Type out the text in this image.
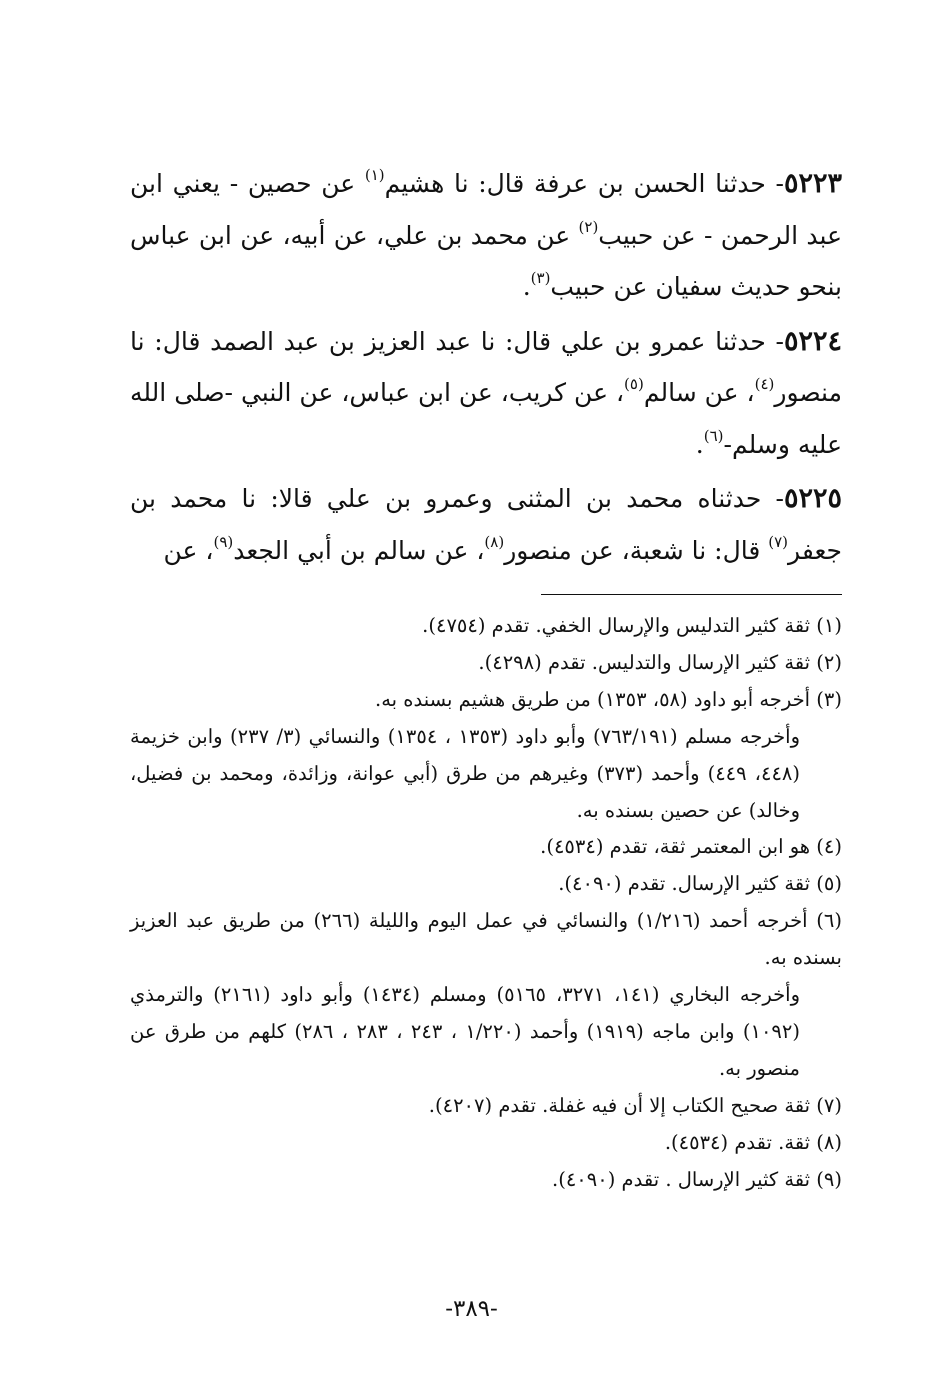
٥٢٢٣- حدثنا الحسن بن عرفة قال: نا هشيم$^{(١)}$ عن حصين - يعني ابن عبد الرحمن - عن حبيب$^{(٢)}$ عن محمد بن علي، عن أبيه، عن ابن عباس بنحو حديث سفيان عن حبيب$^{(٣)}$.

٥٢٢٤- حدثنا عمرو بن علي قال: نا عبد العزيز بن عبد الصمد قال: نا منصور$^{(٤)}$، عن سالم$^{(٥)}$، عن كريب، عن ابن عباس، عن النبي -صلى الله عليه وسلم-$^{(٦)}$.

٥٢٢٥- حدثناه محمد بن المثنى وعمرو بن علي قالا: نا محمد بن جعفر$^{(٧)}$ قال: نا شعبة، عن منصور$^{(٨)}$، عن سالم بن أبي الجعد$^{(٩)}$، عن

(١) ثقة كثير التدليس والإرسال الخفي. تقدم (٤٧٥٤).
(٢) ثقة كثير الإرسال والتدليس. تقدم (٤٢٩٨).
(٣) أخرجه أبو داود (٥٨، ١٣٥٣) من طريق هشيم بسنده به.
وأخرجه مسلم (٧٦٣/١٩١) وأبو داود (١٣٥٣ ، ١٣٥٤) والنسائي (٣/ ٢٣٧) وابن خزيمة (٤٤٨، ٤٤٩) وأحمد (٣٧٣) وغيرهم من طرق (أبي عوانة، وزائدة، ومحمد بن فضيل، وخالد) عن حصين بسنده به.
(٤) هو ابن المعتمر ثقة، تقدم (٤٥٣٤).
(٥) ثقة كثير الإرسال. تقدم (٤٠٩٠).
(٦) أخرجه أحمد (١/٢١٦) والنسائي في عمل اليوم والليلة (٢٦٦) من طريق عبد العزيز بسنده به.
وأخرجه البخاري (١٤١، ٣٢٧١، ٥١٦٥) ومسلم (١٤٣٤) وأبو داود (٢١٦١) والترمذي (١٠٩٢) وابن ماجه (١٩١٩) وأحمد (١/٢٢٠ ، ٢٤٣ ، ٢٨٣ ، ٢٨٦) كلهم من طرق عن منصور به.
(٧) ثقة صحيح الكتاب إلا أن فيه غفلة. تقدم (٤٢٠٧).
(٨) ثقة. تقدم (٤٥٣٤).
(٩) ثقة كثير الإرسال . تقدم (٤٠٩٠).
-٣٨٩-
